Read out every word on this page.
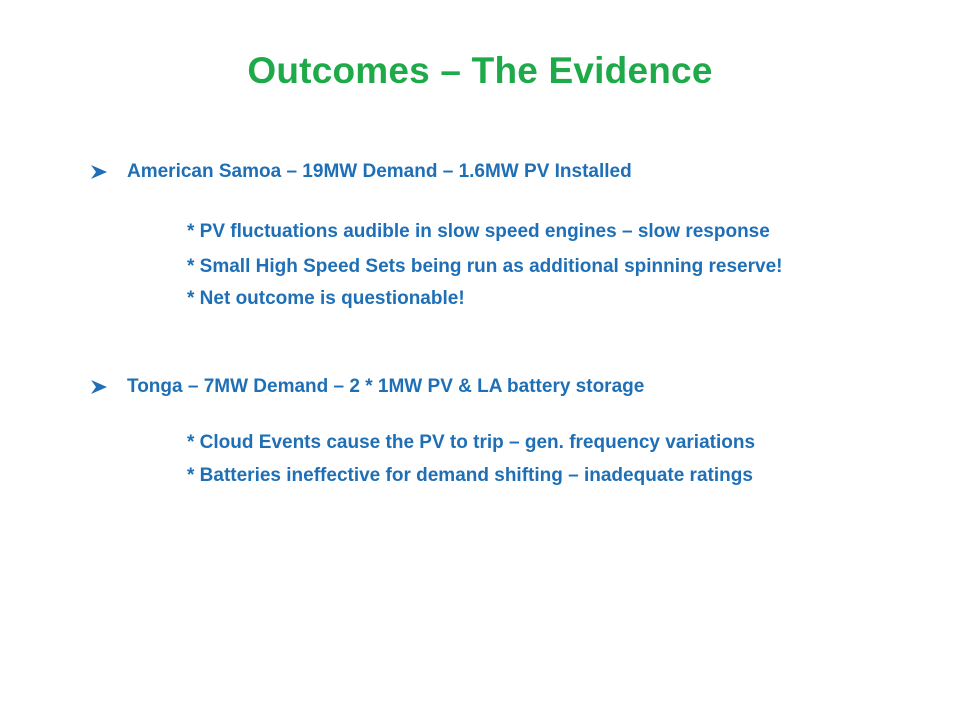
Outcomes – The Evidence
American Samoa – 19MW Demand – 1.6MW PV Installed
* PV fluctuations audible in slow speed engines – slow response
* Small High Speed Sets being run as additional spinning reserve!
* Net outcome is questionable!
Tonga – 7MW Demand – 2 * 1MW PV & LA battery storage
* Cloud Events cause the PV to trip – gen. frequency variations
* Batteries ineffective for demand shifting – inadequate ratings
